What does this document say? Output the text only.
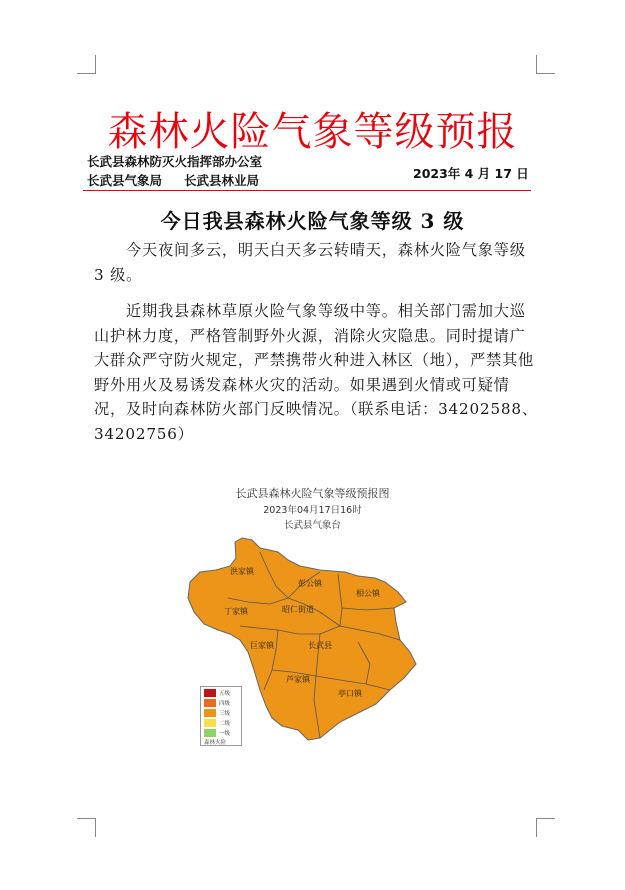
森林火险气象等级预报
长武县森林防灭火指挥部办公室
长武县气象局 长武县林业局	2023年 4 月 17 日
今日我县森林火险气象等级 3 级

今天夜间多云，明天白天多云转晴天，森林火险气象等级 3 级。

近期我县森林草原火险气象等级中等。相关部门需加大巡山护林力度，严格管制野外火源，消除火灾隐患。同时提请广大群众严守防火规定，严禁携带火种进入林区（地），严禁其他野外用火及易诱发森林火灾的活动。如果遇到火情或可疑情况，及时向森林防火部门反映情况。（联系电话：34202588、34202756）

长武县森林火险气象等级预报图
2023年04月17日16时
长武县气象台
洪家镇
彭公镇
相公镇
丁家镇	昭仁街道
巨家镇	长武县
芦家镇
亭口镇
五级
四级
三级
二级
一级
森林火险
